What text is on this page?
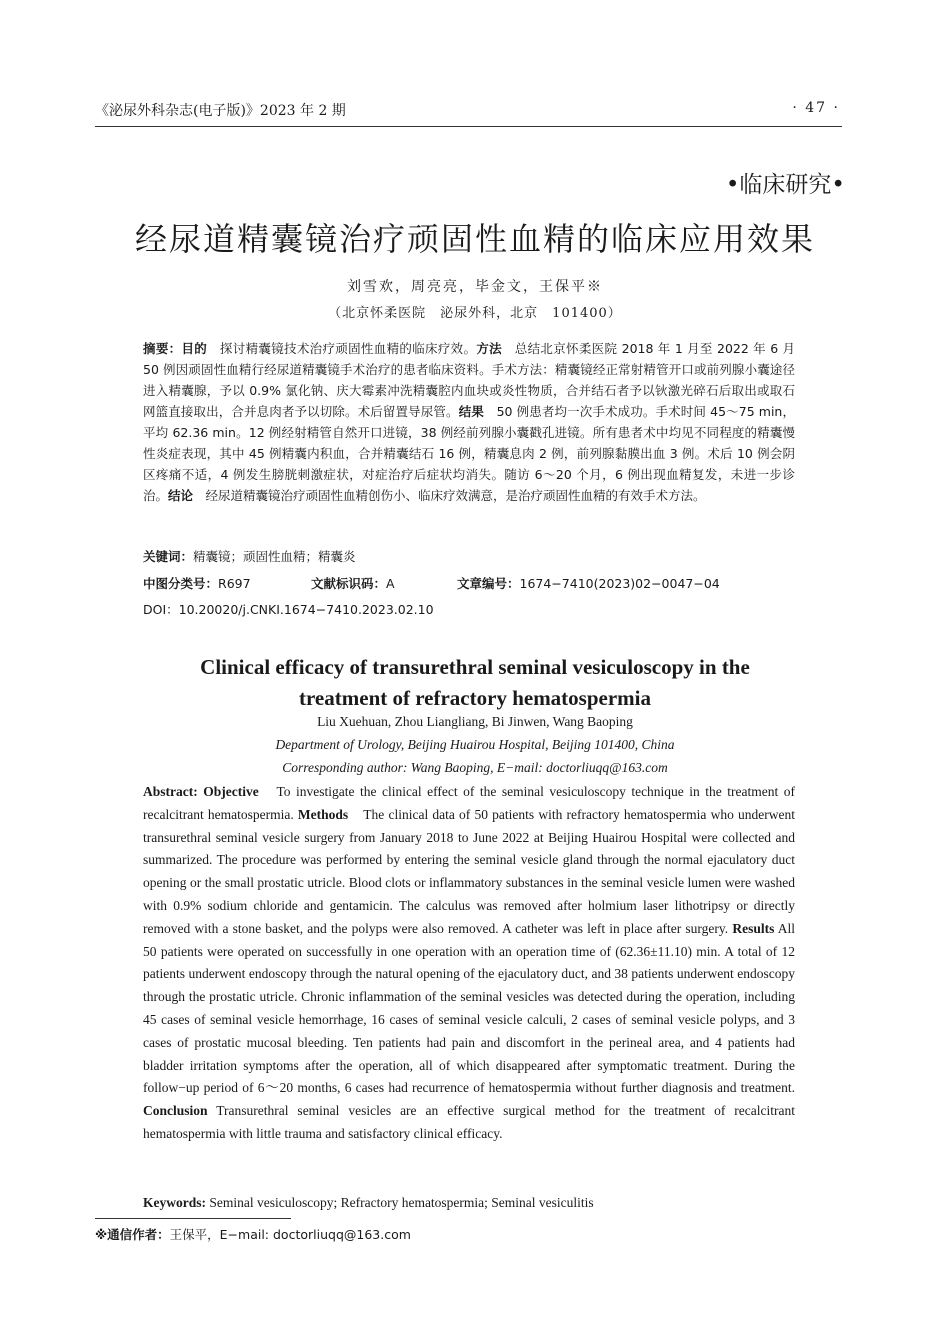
《泌尿外科杂志(电子版)》2023 年 2 期	· 47 ·
•临床研究•
经尿道精囊镜治疗顽固性血精的临床应用效果
刘雪欢，周亮亮，毕金文，王保平※
（北京怀柔医院　泌尿外科，北京　101400）
摘要：目的　探讨精囊镜技术治疗顽固性血精的临床疗效。方法　总结北京怀柔医院 2018 年 1 月至 2022 年 6 月 50 例因顽固性血精行经尿道精囊镜手术治疗的患者临床资料。手术方法：精囊镜经正常射精管开口或前列腺小囊途径进入精囊腺，予以 0.9% 氯化钠、庆大霉素冲洗精囊腔内血块或炎性物质，合并结石者予以钬激光碎石后取出或取石网篮直接取出，合并息肉者予以切除。术后留置导尿管。结果　50 例患者均一次手术成功。手术时间 45～75 min，平均 62.36 min。12 例经射精管自然开口进镜，38 例经前列腺小囊戳孔进镜。所有患者术中均见不同程度的精囊慢性炎症表现，其中 45 例精囊内积血，合并精囊结石 16 例，精囊息肉 2 例，前列腺黏膜出血 3 例。术后 10 例会阴区疼痛不适，4 例发生膀胱刺激症状，对症治疗后症状均消失。随访 6～20 个月，6 例出现血精复发，未进一步诊治。结论　经尿道精囊镜治疗顽固性血精创伤小、临床疗效满意，是治疗顽固性血精的有效手术方法。
关键词：精囊镜；顽固性血精；精囊炎
中图分类号：R697	文献标识码：A	文章编号：1674−7410(2023)02−0047−04
DOI：10.20020/j.CNKI.1674−7410.2023.02.10
Clinical efficacy of transurethral seminal vesiculoscopy in the
treatment of refractory hematospermia
Liu Xuehuan, Zhou Liangliang, Bi Jinwen, Wang Baoping
Department of Urology, Beijing Huairou Hospital, Beijing 101400, China
Corresponding author: Wang Baoping, E−mail: doctorliuqq@163.com
Abstract: Objective　To investigate the clinical effect of the seminal vesiculoscopy technique in the treatment of recalcitrant hematospermia. Methods　The clinical data of 50 patients with refractory hematospermia who underwent transurethral seminal vesicle surgery from January 2018 to June 2022 at Beijing Huairou Hospital were collected and summarized. The procedure was performed by entering the seminal vesicle gland through the normal ejaculatory duct opening or the small prostatic utricle. Blood clots or inflammatory substances in the seminal vesicle lumen were washed with 0.9% sodium chloride and gentamicin. The calculus was removed after holmium laser lithotripsy or directly removed with a stone basket, and the polyps were also removed. A catheter was left in place after surgery. Results All 50 patients were operated on successfully in one operation with an operation time of (62.36±11.10) min. A total of 12 patients underwent endoscopy through the natural opening of the ejaculatory duct, and 38 patients underwent endoscopy through the prostatic utricle. Chronic inflammation of the seminal vesicles was detected during the operation, including 45 cases of seminal vesicle hemorrhage, 16 cases of seminal vesicle calculi, 2 cases of seminal vesicle polyps, and 3 cases of prostatic mucosal bleeding. Ten patients had pain and discomfort in the perineal area, and 4 patients had bladder irritation symptoms after the operation, all of which disappeared after symptomatic treatment. During the follow−up period of 6～20 months, 6 cases had recurrence of hematospermia without further diagnosis and treatment. Conclusion Transurethral seminal vesicles are an effective surgical method for the treatment of recalcitrant hematospermia with little trauma and satisfactory clinical efficacy.
Keywords: Seminal vesiculoscopy; Refractory hematospermia; Seminal vesiculitis
※通信作者：王保平，E−mail: doctorliuqq@163.com
